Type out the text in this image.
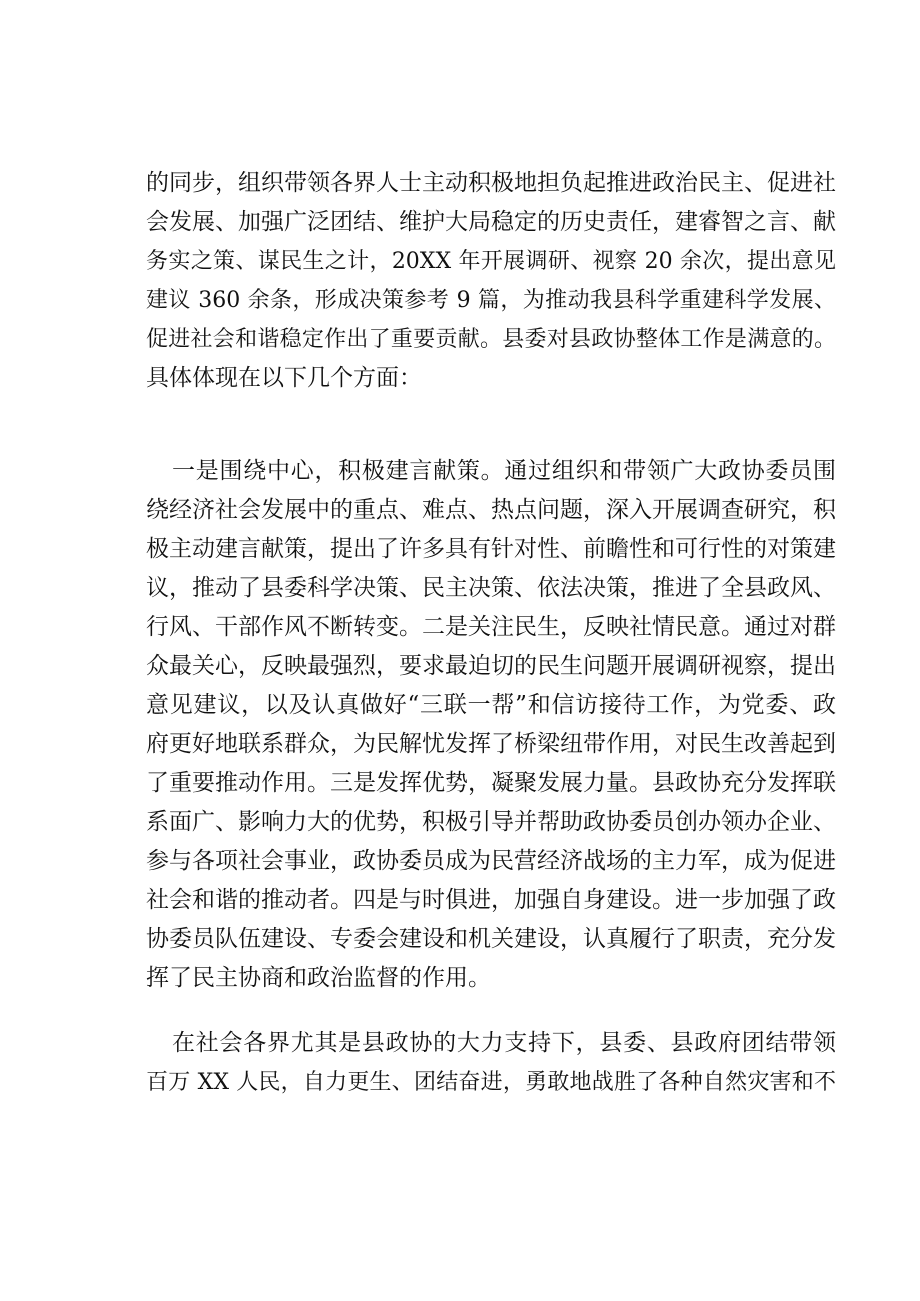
的同步，组织带领各界人士主动积极地担负起推进政治民主、促进社
会发展、加强广泛团结、维护大局稳定的历史责任，建睿智之言、献
务实之策、谋民生之计，20XX 年开展调研、视察 20 余次，提出意见
建议 360 余条，形成决策参考 9 篇，为推动我县科学重建科学发展、
促进社会和谐稳定作出了重要贡献。县委对县政协整体工作是满意的。
具体体现在以下几个方面：
一是围绕中心，积极建言献策。通过组织和带领广大政协委员围
绕经济社会发展中的重点、难点、热点问题，深入开展调查研究，积
极主动建言献策，提出了许多具有针对性、前瞻性和可行性的对策建
议，推动了县委科学决策、民主决策、依法决策，推进了全县政风、
行风、干部作风不断转变。二是关注民生，反映社情民意。通过对群
众最关心，反映最强烈，要求最迫切的民生问题开展调研视察，提出
意见建议，以及认真做好“三联一帮”和信访接待工作，为党委、政
府更好地联系群众，为民解忧发挥了桥梁纽带作用，对民生改善起到
了重要推动作用。三是发挥优势，凝聚发展力量。县政协充分发挥联
系面广、影响力大的优势，积极引导并帮助政协委员创办领办企业、
参与各项社会事业，政协委员成为民营经济战场的主力军，成为促进
社会和谐的推动者。四是与时俱进，加强自身建设。进一步加强了政
协委员队伍建设、专委会建设和机关建设，认真履行了职责，充分发
挥了民主协商和政治监督的作用。
在社会各界尤其是县政协的大力支持下，县委、县政府团结带领
百万 XX 人民，自力更生、团结奋进，勇敢地战胜了各种自然灾害和不
